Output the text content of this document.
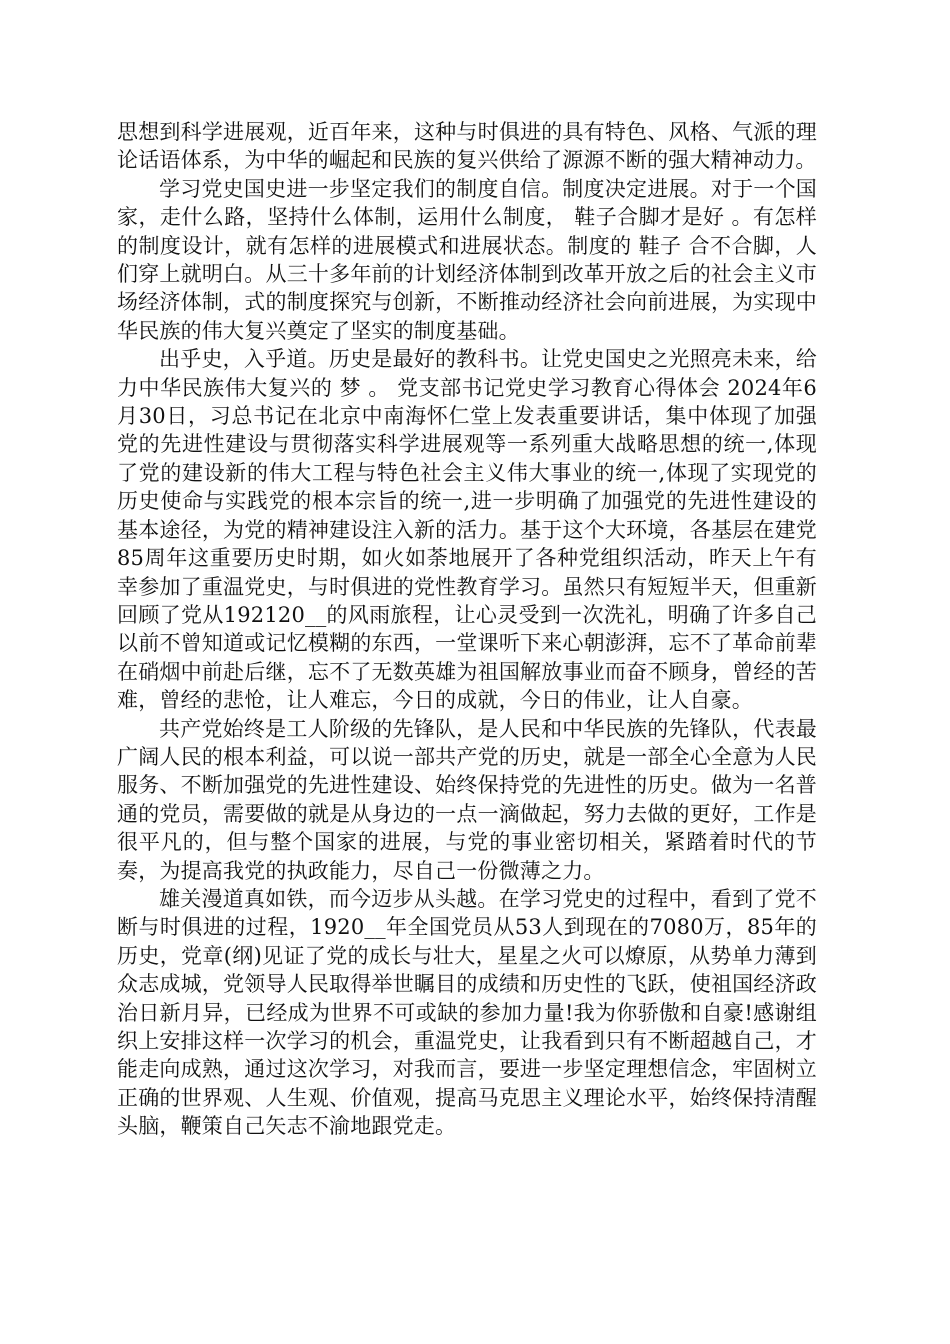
思想到科学进展观，近百年来，这种与时俱进的具有特色、风格、气派的理论话语体系，为中华的崛起和民族的复兴供给了源源不断的强大精神动力。

学习党史国史进一步坚定我们的制度自信。制度决定进展。对于一个国家，走什么路，坚持什么体制，运用什么制度， 鞋子合脚才是好 。有怎样的制度设计，就有怎样的进展模式和进展状态。制度的 鞋子 合不合脚，人们穿上就明白。从三十多年前的计划经济体制到改革开放之后的社会主义市场经济体制，式的制度探究与创新，不断推动经济社会向前进展，为实现中华民族的伟大复兴奠定了坚实的制度基础。

出乎史，入乎道。历史是最好的教科书。让党史国史之光照亮未来，给力中华民族伟大复兴的 梦 。 党支部书记党史学习教育心得体会 2024年6月30日，习总书记在北京中南海怀仁堂上发表重要讲话，集中体现了加强党的先进性建设与贯彻落实科学进展观等一系列重大战略思想的统一,体现了党的建设新的伟大工程与特色社会主义伟大事业的统一,体现了实现党的历史使命与实践党的根本宗旨的统一,进一步明确了加强党的先进性建设的基本途径，为党的精神建设注入新的活力。基于这个大环境，各基层在建党85周年这重要历史时期，如火如荼地展开了各种党组织活动，昨天上午有幸参加了重温党史，与时俱进的党性教育学习。虽然只有短短半天，但重新回顾了党从192120__的风雨旅程，让心灵受到一次洗礼，明确了许多自己以前不曾知道或记忆模糊的东西，一堂课听下来心朝澎湃，忘不了革命前辈在硝烟中前赴后继，忘不了无数英雄为祖国解放事业而奋不顾身，曾经的苦难，曾经的悲怆，让人难忘，今日的成就，今日的伟业，让人自豪。

共产党始终是工人阶级的先锋队，是人民和中华民族的先锋队，代表最广阔人民的根本利益，可以说一部共产党的历史，就是一部全心全意为人民服务、不断加强党的先进性建设、始终保持党的先进性的历史。做为一名普通的党员，需要做的就是从身边的一点一滴做起，努力去做的更好，工作是很平凡的，但与整个国家的进展，与党的事业密切相关，紧踏着时代的节奏，为提高我党的执政能力，尽自己一份微薄之力。

雄关漫道真如铁，而今迈步从头越。在学习党史的过程中，看到了党不断与时俱进的过程，1920__年全国党员从53人到现在的7080万，85年的历史，党章(纲)见证了党的成长与壮大，星星之火可以燎原，从势单力薄到众志成城，党领导人民取得举世瞩目的成绩和历史性的飞跃，使祖国经济政治日新月异，已经成为世界不可或缺的参加力量!我为你骄傲和自豪!感谢组织上安排这样一次学习的机会，重温党史，让我看到只有不断超越自己，才能走向成熟，通过这次学习，对我而言，要进一步坚定理想信念，牢固树立正确的世界观、人生观、价值观，提高马克思主义理论水平，始终保持清醒头脑，鞭策自己矢志不渝地跟党走。
